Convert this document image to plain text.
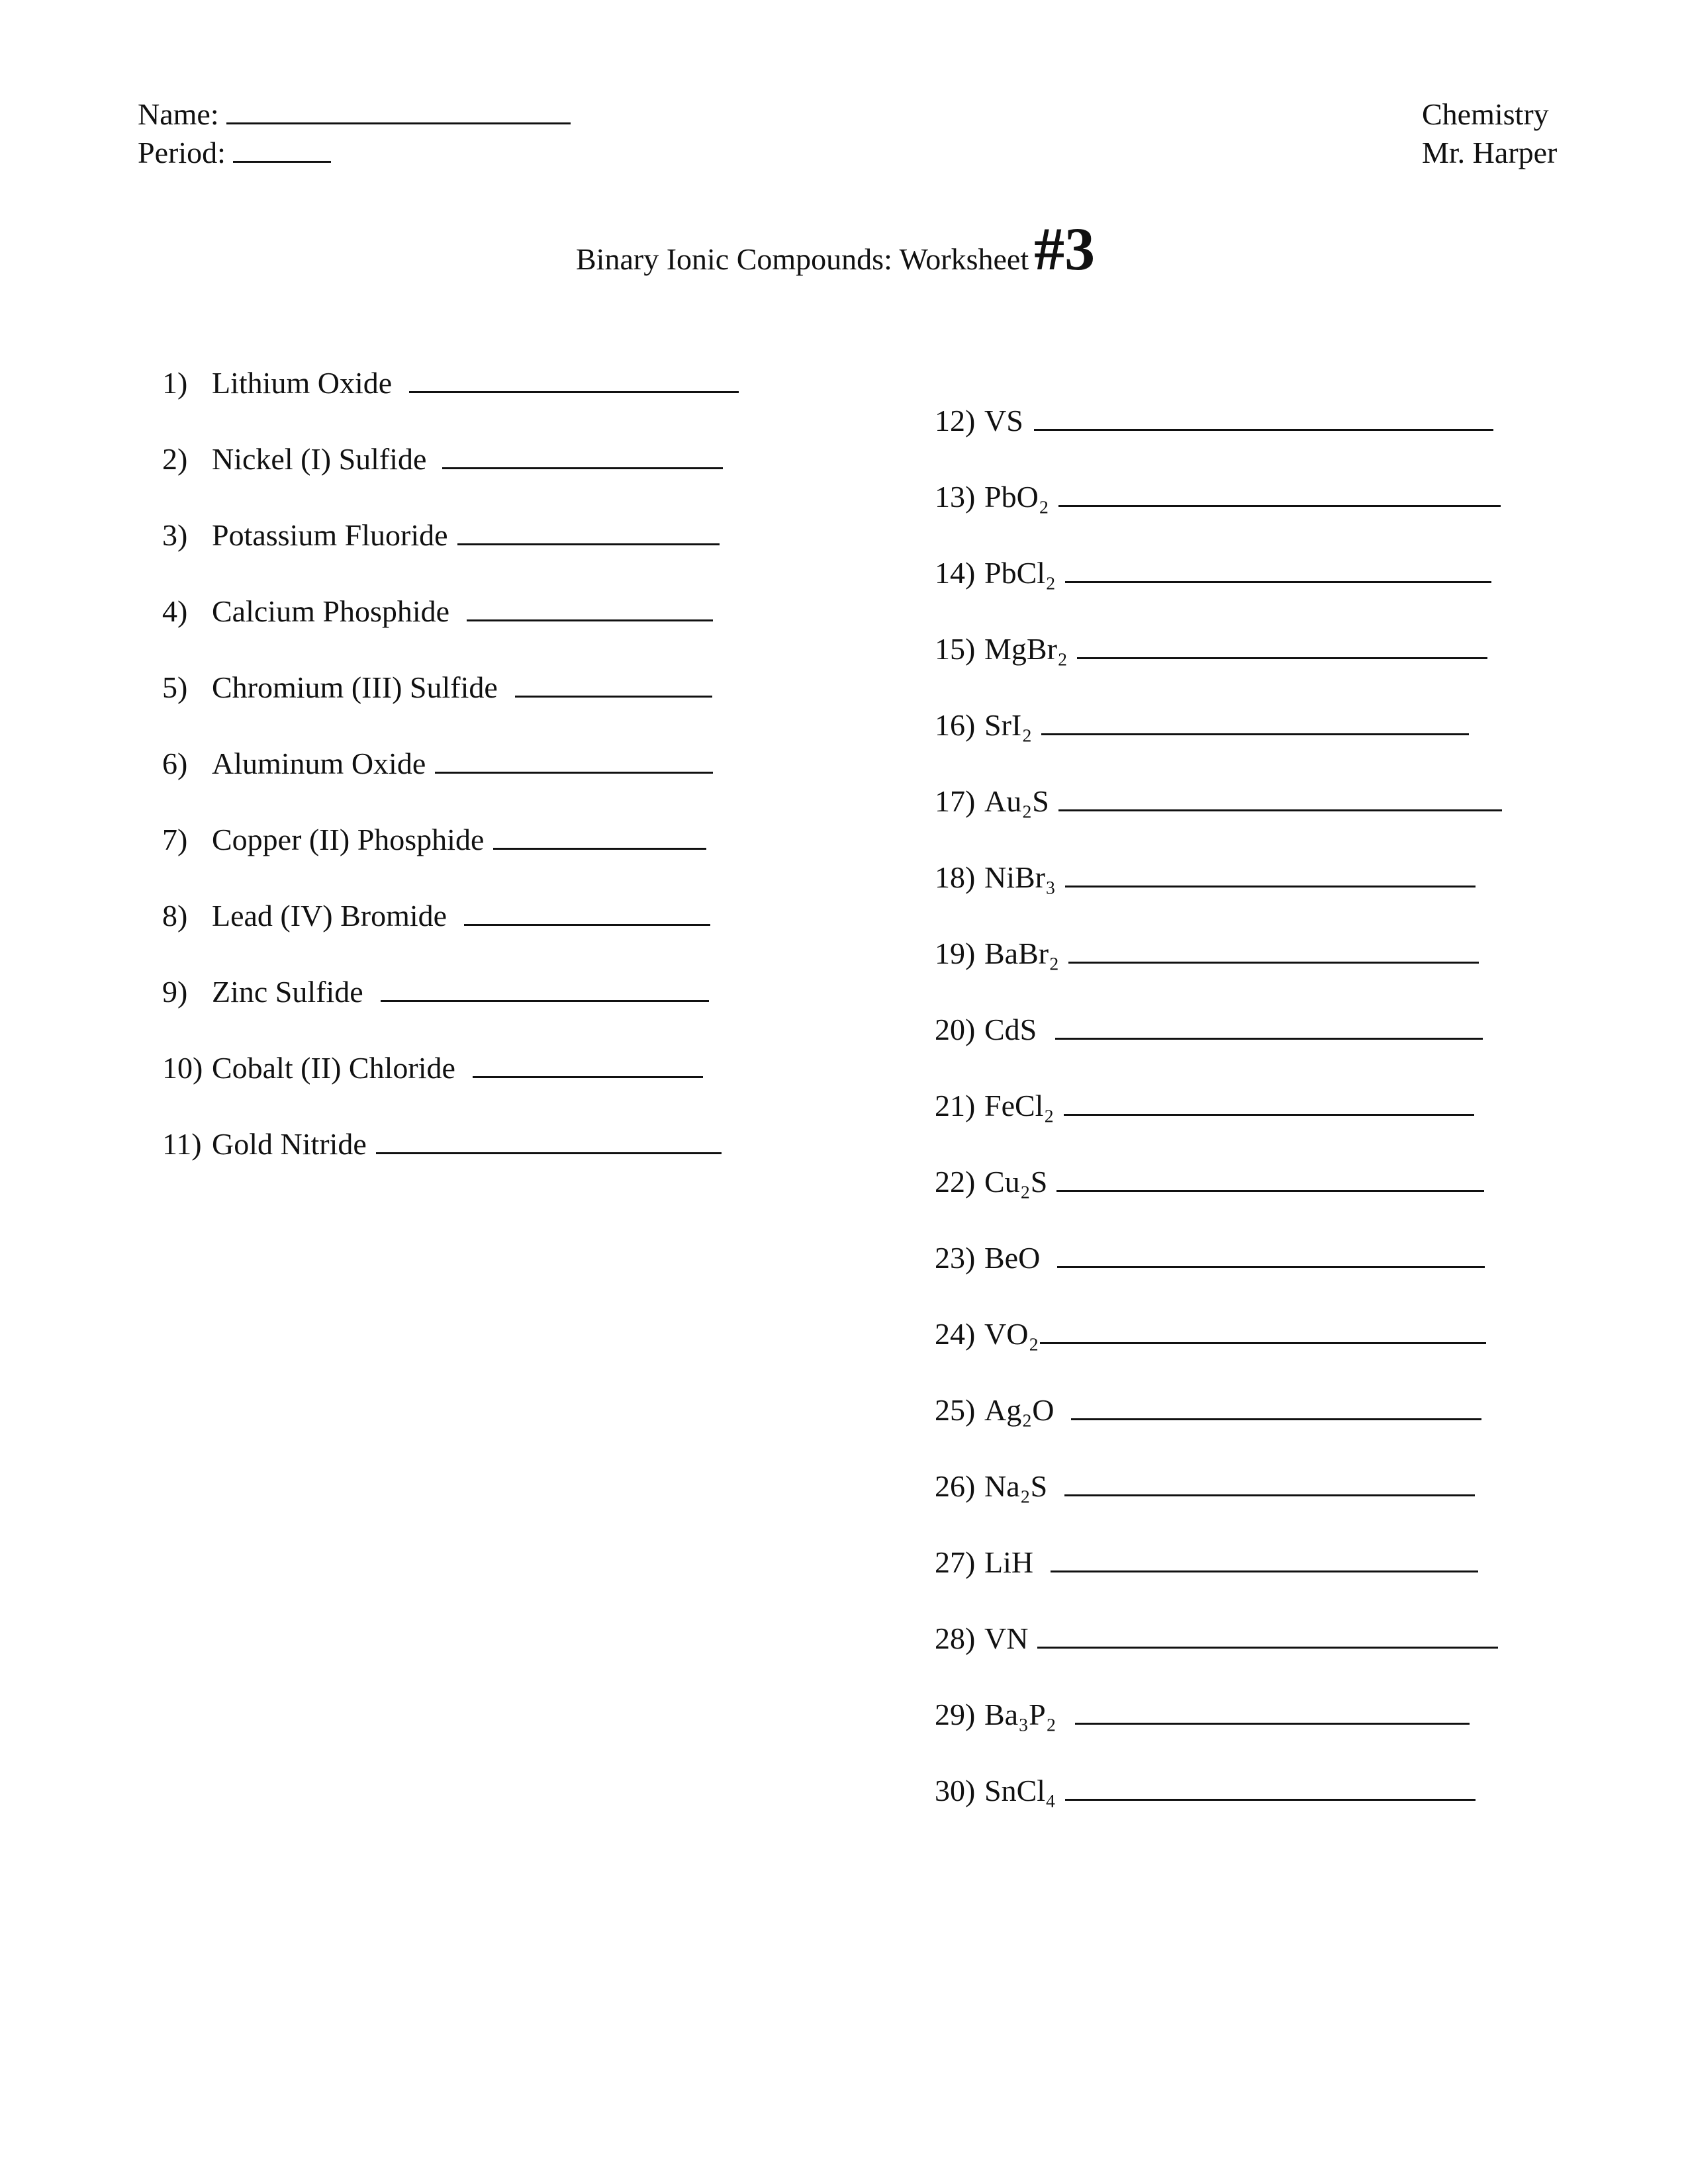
Name:
Period:
Chemistry
Mr. Harper
Binary Ionic Compounds: Worksheet#3
1) Lithium Oxide
2) Nickel (I) Sulfide
3) Potassium Fluoride
4) Calcium Phosphide
5) Chromium (III) Sulfide
6) Aluminum Oxide
7) Copper (II) Phosphide
8) Lead (IV) Bromide
9) Zinc Sulfide
10) Cobalt (II) Chloride
11) Gold Nitride
12) VS
13) PbO₂
14) PbCl₂
15) MgBr₂
16) SrI₂
17) Au₂S
18) NiBr₃
19) BaBr₂
20) CdS
21) FeCl₂
22) Cu₂S
23) BeO
24) VO₂
25) Ag₂O
26) Na₂S
27) LiH
28) VN
29) Ba₃P₂
30) SnCl₄
